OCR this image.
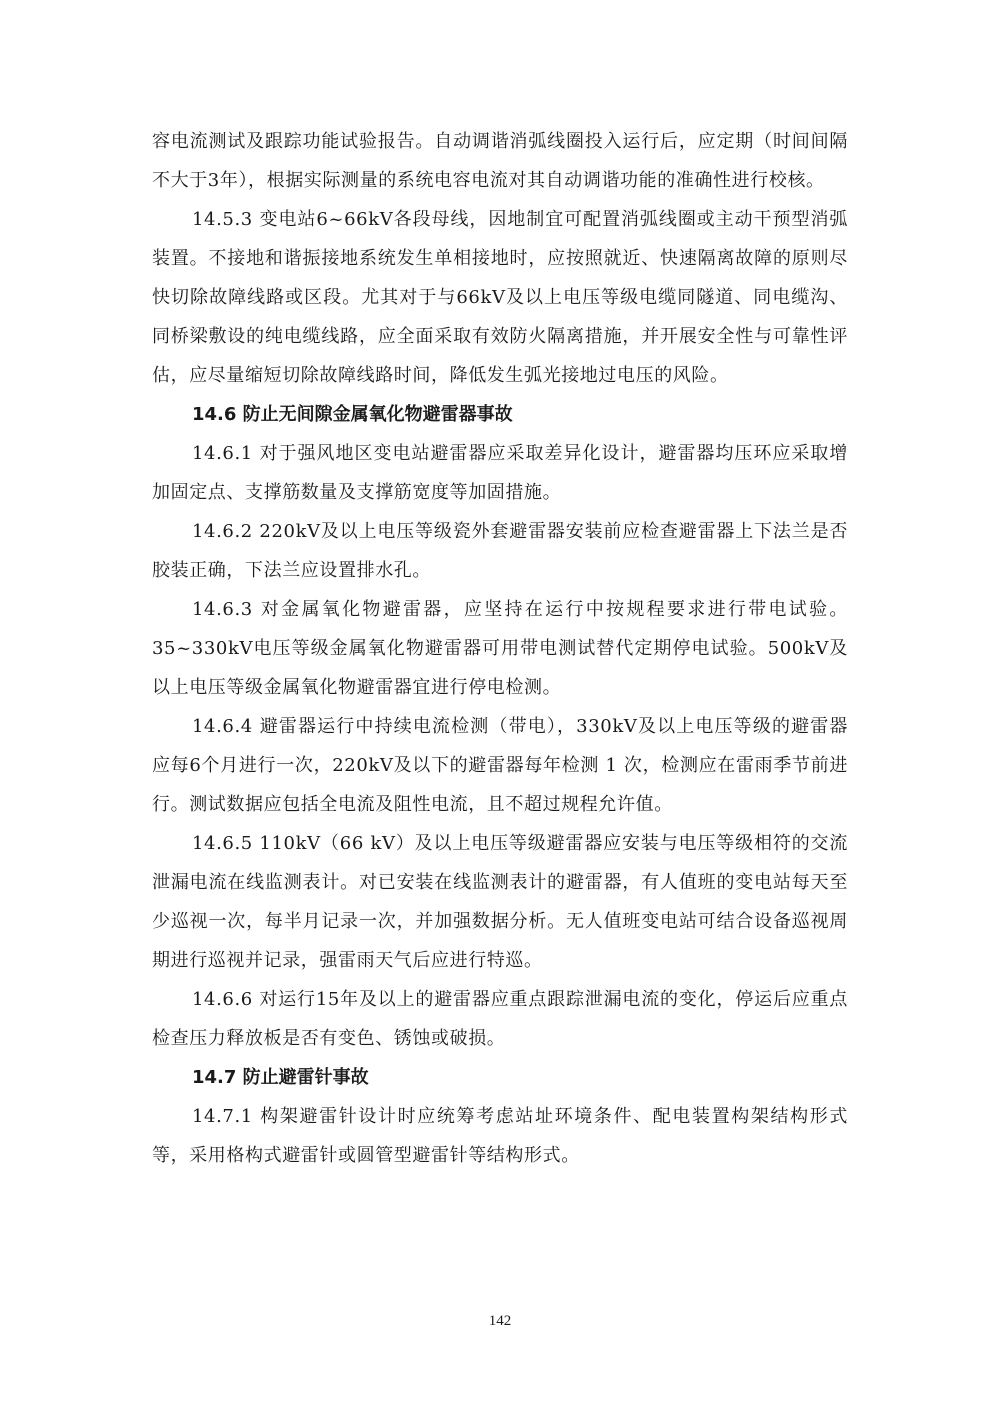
容电流测试及跟踪功能试验报告。自动调谐消弧线圈投入运行后，应定期（时间间隔不大于3年），根据实际测量的系统电容电流对其自动调谐功能的准确性进行校核。

14.5.3 变电站6~66kV各段母线，因地制宜可配置消弧线圈或主动干预型消弧装置。不接地和谐振接地系统发生单相接地时，应按照就近、快速隔离故障的原则尽快切除故障线路或区段。尤其对于与66kV及以上电压等级电缆同隧道、同电缆沟、同桥梁敷设的纯电缆线路，应全面采取有效防火隔离措施，并开展安全性与可靠性评估，应尽量缩短切除故障线路时间，降低发生弧光接地过电压的风险。

14.6 防止无间隙金属氧化物避雷器事故

14.6.1 对于强风地区变电站避雷器应采取差异化设计，避雷器均压环应采取增加固定点、支撑筋数量及支撑筋宽度等加固措施。

14.6.2 220kV及以上电压等级瓷外套避雷器安装前应检查避雷器上下法兰是否胶装正确，下法兰应设置排水孔。

14.6.3 对金属氧化物避雷器，应坚持在运行中按规程要求进行带电试验。35~330kV电压等级金属氧化物避雷器可用带电测试替代定期停电试验。500kV及以上电压等级金属氧化物避雷器宜进行停电检测。

14.6.4 避雷器运行中持续电流检测（带电），330kV及以上电压等级的避雷器应每6个月进行一次，220kV及以下的避雷器每年检测 1 次，检测应在雷雨季节前进行。测试数据应包括全电流及阻性电流，且不超过规程允许值。

14.6.5 110kV（66 kV）及以上电压等级避雷器应安装与电压等级相符的交流泄漏电流在线监测表计。对已安装在线监测表计的避雷器，有人值班的变电站每天至少巡视一次，每半月记录一次，并加强数据分析。无人值班变电站可结合设备巡视周期进行巡视并记录，强雷雨天气后应进行特巡。

14.6.6 对运行15年及以上的避雷器应重点跟踪泄漏电流的变化，停运后应重点检查压力释放板是否有变色、锈蚀或破损。

14.7 防止避雷针事故

14.7.1 构架避雷针设计时应统筹考虑站址环境条件、配电装置构架结构形式等，采用格构式避雷针或圆管型避雷针等结构形式。

142
